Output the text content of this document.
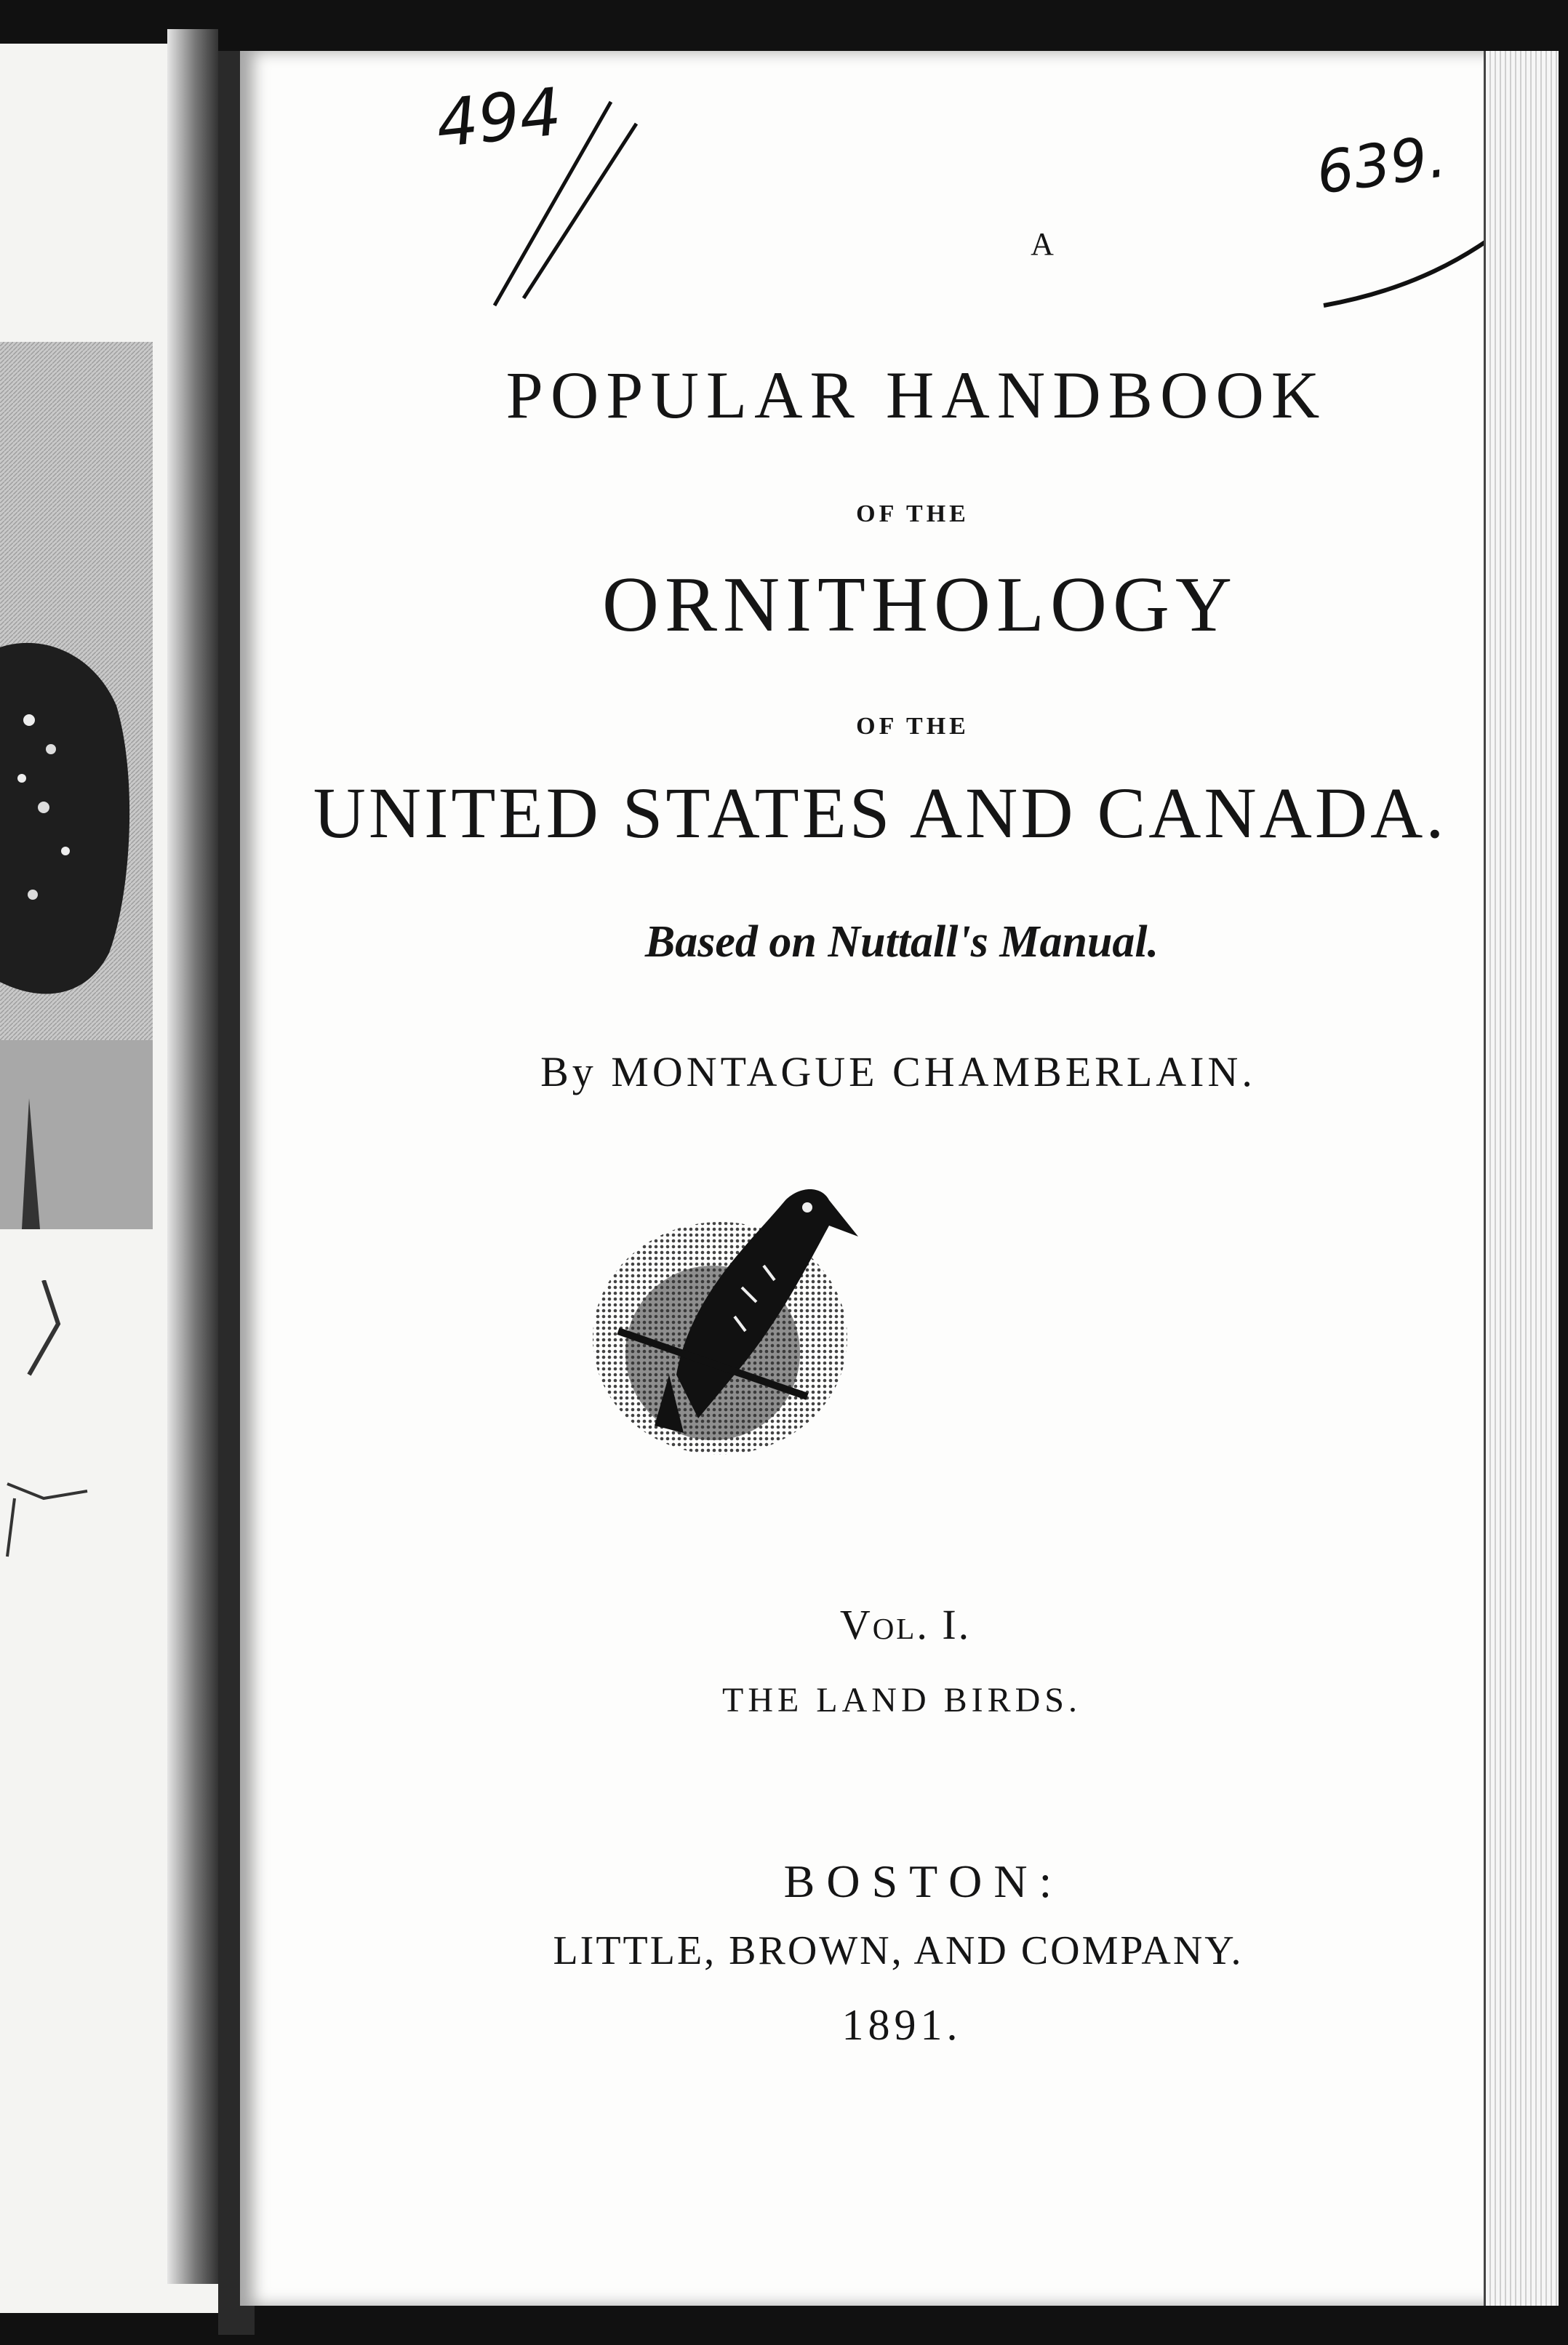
494

639.

A

POPULAR HANDBOOK

OF THE

ORNITHOLOGY

OF THE

UNITED STATES AND CANADA.

Based on Nuttall's Manual.

By MONTAGUE CHAMBERLAIN.

Vol. I.

THE LAND BIRDS.

BOSTON:

LITTLE, BROWN, AND COMPANY.

1891.
